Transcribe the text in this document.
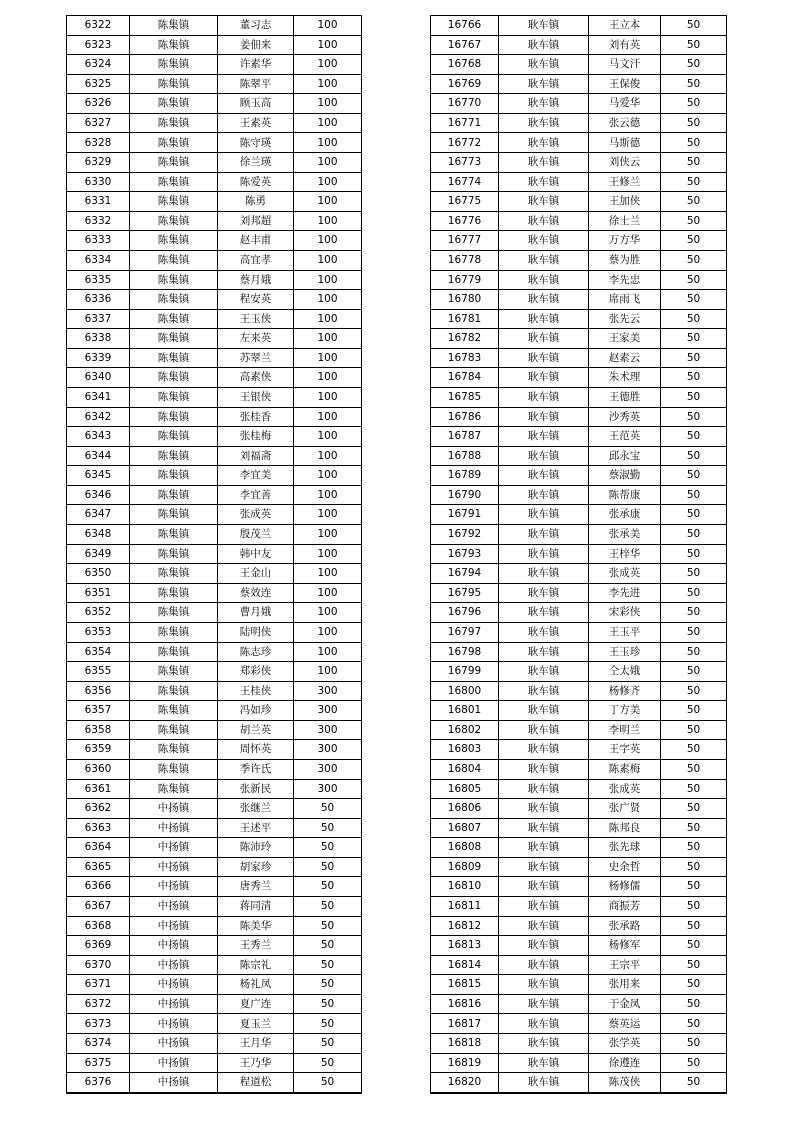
6322	陈集镇	董习志	100
6323	陈集镇	姜佃来	100
6324	陈集镇	许素华	100
6325	陈集镇	陈翠平	100
6326	陈集镇	顾玉高	100
6327	陈集镇	王素英	100
6328	陈集镇	陈守瑛	100
6329	陈集镇	徐兰瑛	100
6330	陈集镇	陈爱英	100
6331	陈集镇	陈勇	100
6332	陈集镇	刘邦超	100
6333	陈集镇	赵丰甫	100
6334	陈集镇	高宜孝	100
6335	陈集镇	蔡月娥	100
6336	陈集镇	程安英	100
6337	陈集镇	王玉侠	100
6338	陈集镇	左来英	100
6339	陈集镇	苏翠兰	100
6340	陈集镇	高素侠	100
6341	陈集镇	王银侠	100
6342	陈集镇	张桂香	100
6343	陈集镇	张桂梅	100
6344	陈集镇	刘福斋	100
6345	陈集镇	李宜美	100
6346	陈集镇	李宜善	100
6347	陈集镇	张成英	100
6348	陈集镇	殷茂兰	100
6349	陈集镇	韩中友	100
6350	陈集镇	王金山	100
6351	陈集镇	蔡效连	100
6352	陈集镇	曹月娥	100
6353	陈集镇	陆明侠	100
6354	陈集镇	陈志珍	100
6355	陈集镇	郑彩侠	100
6356	陈集镇	王桂侠	300
6357	陈集镇	冯如珍	300
6358	陈集镇	胡兰英	300
6359	陈集镇	周怀英	300
6360	陈集镇	季许氏	300
6361	陈集镇	张新民	300
6362	中扬镇	张继兰	50
6363	中扬镇	王述平	50
6364	中扬镇	陈沛玲	50
6365	中扬镇	胡家珍	50
6366	中扬镇	唐秀兰	50
6367	中扬镇	蒋同清	50
6368	中扬镇	陈美华	50
6369	中扬镇	王秀兰	50
6370	中扬镇	陈宗礼	50
6371	中扬镇	杨礼凤	50
6372	中扬镇	夏广连	50
6373	中扬镇	夏玉兰	50
6374	中扬镇	王月华	50
6375	中扬镇	王乃华	50
6376	中扬镇	程道松	50
16766	耿车镇	王立本	50
16767	耿车镇	刘有英	50
16768	耿车镇	马文汗	50
16769	耿车镇	王保俊	50
16770	耿车镇	马爱华	50
16771	耿车镇	张云德	50
16772	耿车镇	马斯德	50
16773	耿车镇	刘侠云	50
16774	耿车镇	王修兰	50
16775	耿车镇	王加侠	50
16776	耿车镇	徐士兰	50
16777	耿车镇	万方华	50
16778	耿车镇	蔡为胜	50
16779	耿车镇	李先忠	50
16780	耿车镇	席雨飞	50
16781	耿车镇	张先云	50
16782	耿车镇	王家美	50
16783	耿车镇	赵素云	50
16784	耿车镇	朱术理	50
16785	耿车镇	王德胜	50
16786	耿车镇	沙秀英	50
16787	耿车镇	王范英	50
16788	耿车镇	邱永宝	50
16789	耿车镇	蔡淑勤	50
16790	耿车镇	陈帮康	50
16791	耿车镇	张承康	50
16792	耿车镇	张承美	50
16793	耿车镇	王梓华	50
16794	耿车镇	张成英	50
16795	耿车镇	李先进	50
16796	耿车镇	宋彩侠	50
16797	耿车镇	王玉平	50
16798	耿车镇	王玉珍	50
16799	耿车镇	仝太娥	50
16800	耿车镇	杨修齐	50
16801	耿车镇	丁方美	50
16802	耿车镇	李明兰	50
16803	耿车镇	王字英	50
16804	耿车镇	陈素梅	50
16805	耿车镇	张成英	50
16806	耿车镇	张广贤	50
16807	耿车镇	陈邦良	50
16808	耿车镇	张先球	50
16809	耿车镇	史余哲	50
16810	耿车镇	杨修儒	50
16811	耿车镇	商振芳	50
16812	耿车镇	张承路	50
16813	耿车镇	杨修军	50
16814	耿车镇	王宗平	50
16815	耿车镇	张用来	50
16816	耿车镇	于金凤	50
16817	耿车镇	蔡英运	50
16818	耿车镇	张学英	50
16819	耿车镇	徐遵连	50
16820	耿车镇	陈茂侠	50
